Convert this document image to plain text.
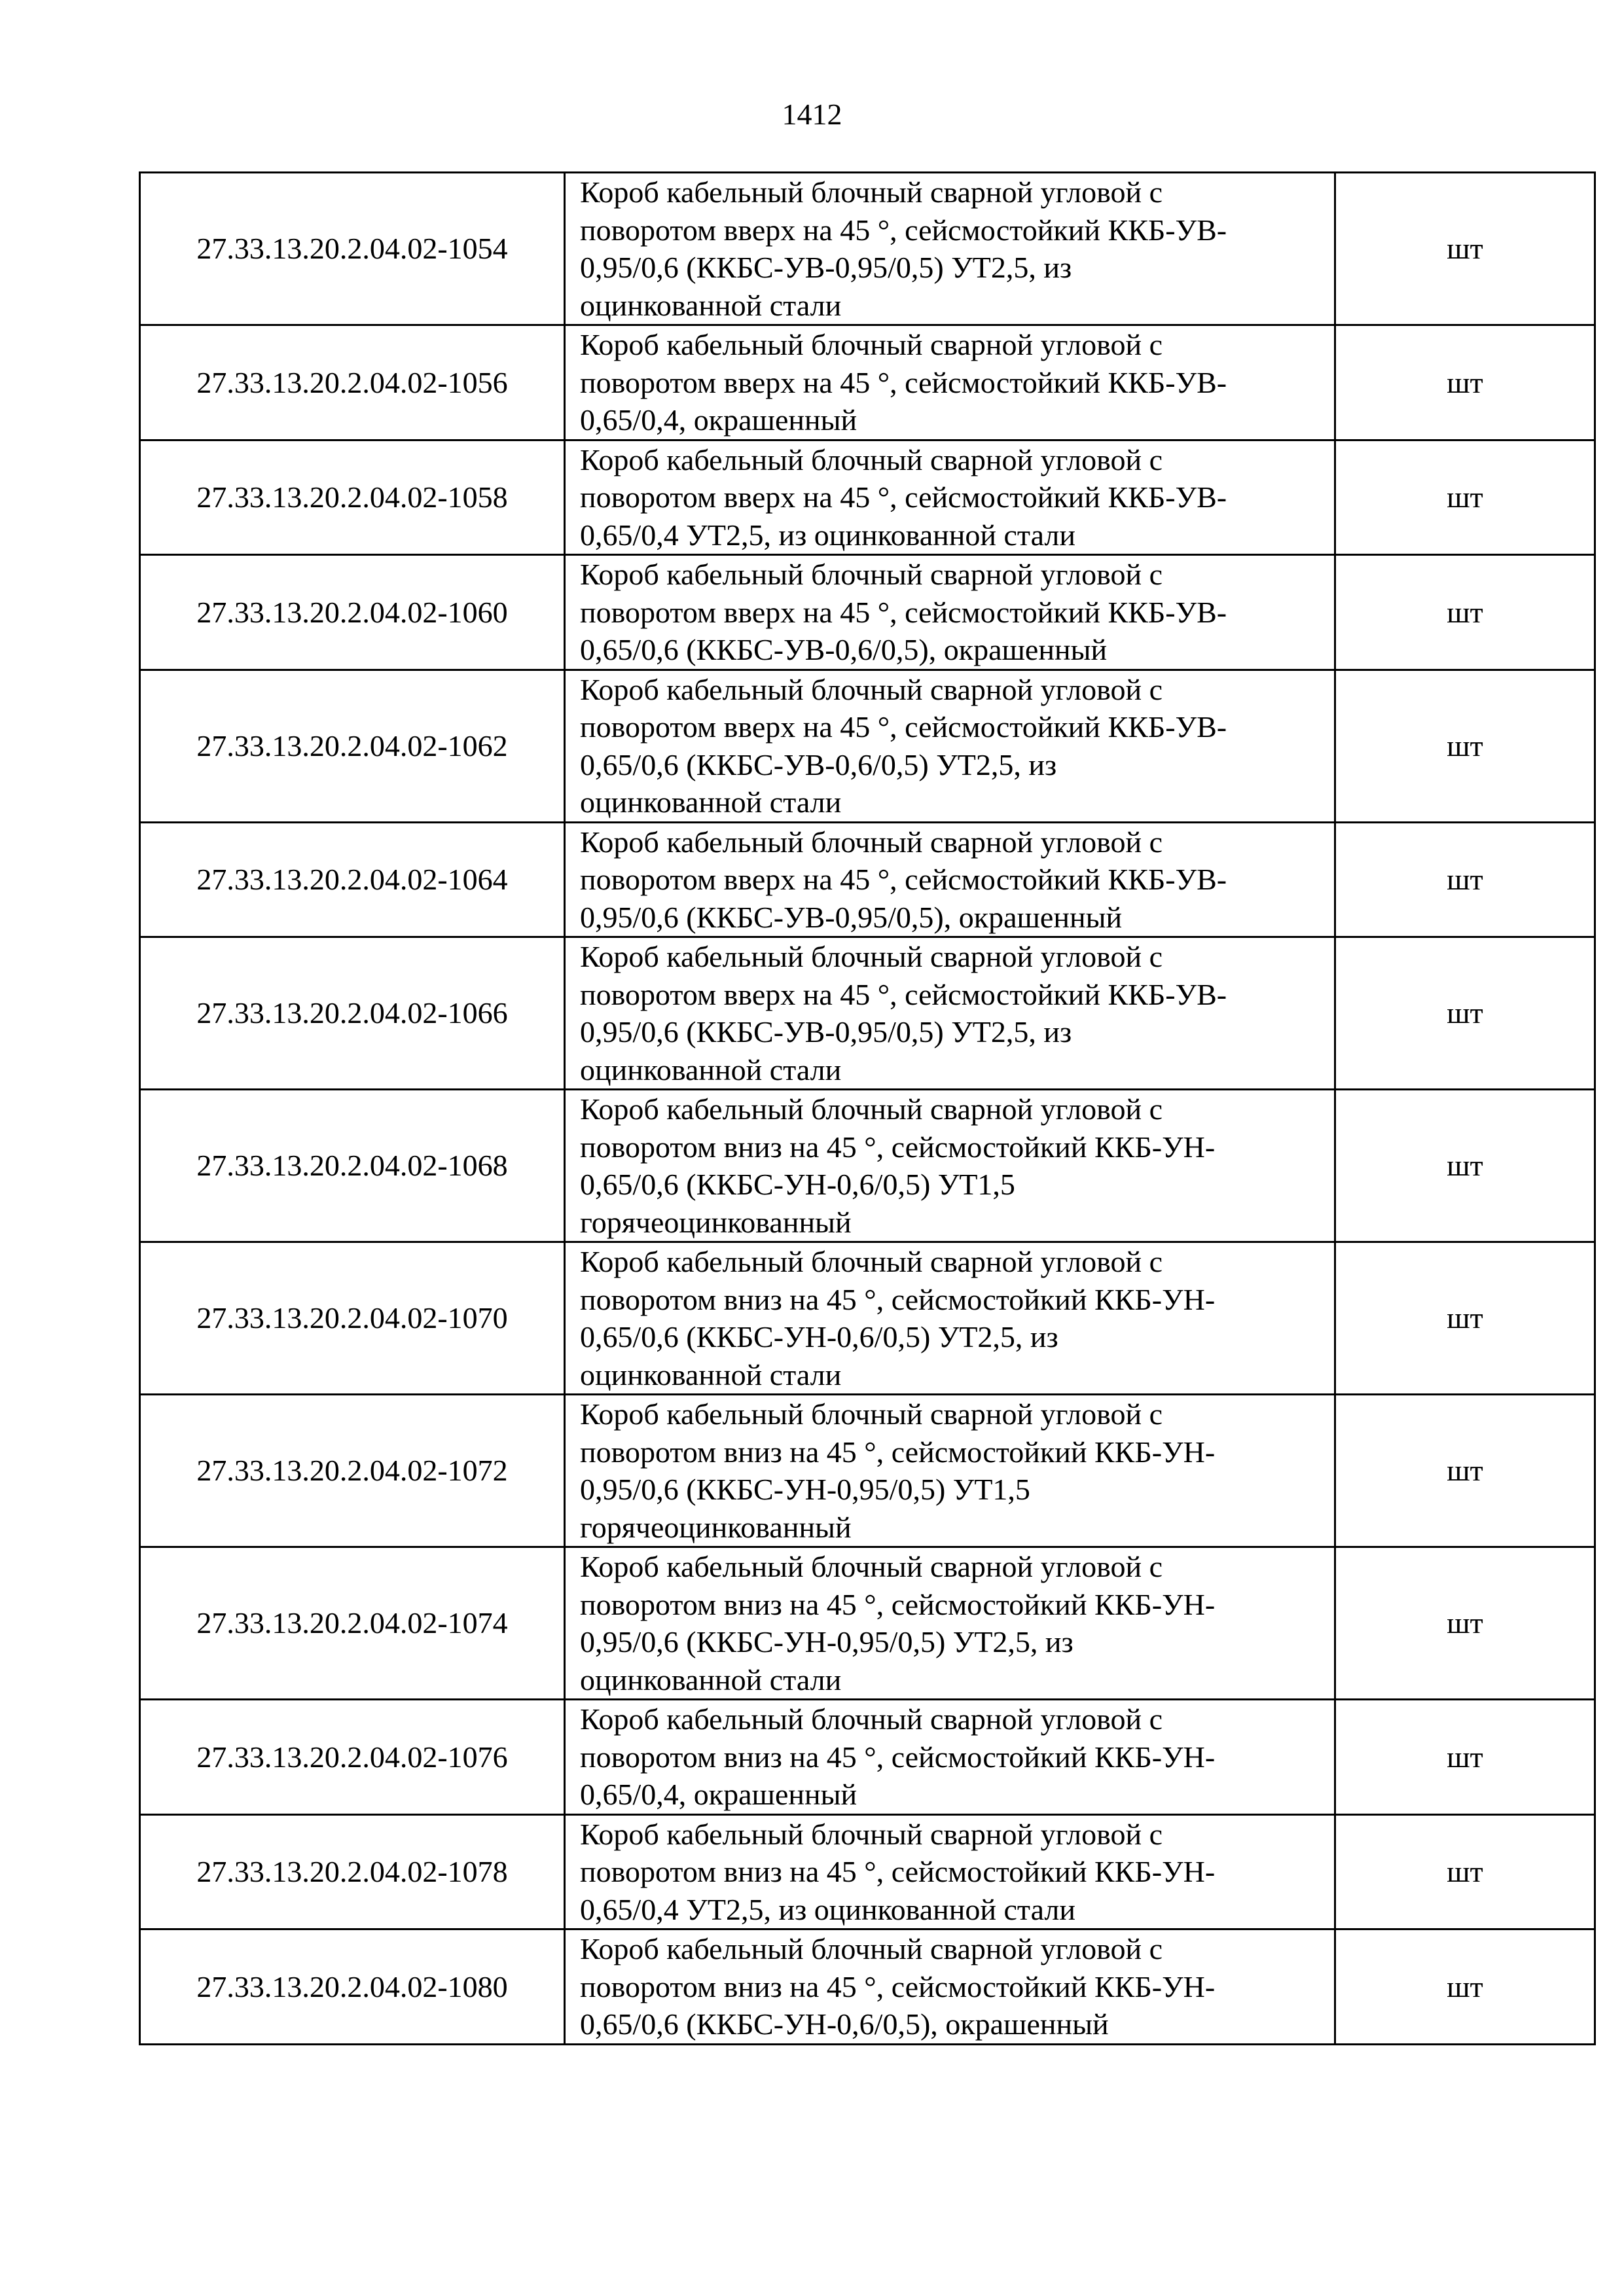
1412
27.33.13.20.2.04.02-1054	Короб кабельный блочный сварной угловой с
поворотом вверх на 45 °, сейсмостойкий ККБ-УВ-
0,95/0,6 (ККБС-УВ-0,95/0,5) УТ2,5, из
оцинкованной стали	шт
27.33.13.20.2.04.02-1056	Короб кабельный блочный сварной угловой с
поворотом вверх на 45 °, сейсмостойкий ККБ-УВ-
0,65/0,4, окрашенный	шт
27.33.13.20.2.04.02-1058	Короб кабельный блочный сварной угловой с
поворотом вверх на 45 °, сейсмостойкий ККБ-УВ-
0,65/0,4 УТ2,5, из оцинкованной стали	шт
27.33.13.20.2.04.02-1060	Короб кабельный блочный сварной угловой с
поворотом вверх на 45 °, сейсмостойкий ККБ-УВ-
0,65/0,6 (ККБС-УВ-0,6/0,5), окрашенный	шт
27.33.13.20.2.04.02-1062	Короб кабельный блочный сварной угловой с
поворотом вверх на 45 °, сейсмостойкий ККБ-УВ-
0,65/0,6 (ККБС-УВ-0,6/0,5) УТ2,5, из
оцинкованной стали	шт
27.33.13.20.2.04.02-1064	Короб кабельный блочный сварной угловой с
поворотом вверх на 45 °, сейсмостойкий ККБ-УВ-
0,95/0,6 (ККБС-УВ-0,95/0,5), окрашенный	шт
27.33.13.20.2.04.02-1066	Короб кабельный блочный сварной угловой с
поворотом вверх на 45 °, сейсмостойкий ККБ-УВ-
0,95/0,6 (ККБС-УВ-0,95/0,5) УТ2,5, из
оцинкованной стали	шт
27.33.13.20.2.04.02-1068	Короб кабельный блочный сварной угловой с
поворотом вниз на 45 °, сейсмостойкий ККБ-УН-
0,65/0,6 (ККБС-УН-0,6/0,5) УТ1,5
горячеоцинкованный	шт
27.33.13.20.2.04.02-1070	Короб кабельный блочный сварной угловой с
поворотом вниз на 45 °, сейсмостойкий ККБ-УН-
0,65/0,6 (ККБС-УН-0,6/0,5) УТ2,5, из
оцинкованной стали	шт
27.33.13.20.2.04.02-1072	Короб кабельный блочный сварной угловой с
поворотом вниз на 45 °, сейсмостойкий ККБ-УН-
0,95/0,6 (ККБС-УН-0,95/0,5) УТ1,5
горячеоцинкованный	шт
27.33.13.20.2.04.02-1074	Короб кабельный блочный сварной угловой с
поворотом вниз на 45 °, сейсмостойкий ККБ-УН-
0,95/0,6 (ККБС-УН-0,95/0,5) УТ2,5, из
оцинкованной стали	шт
27.33.13.20.2.04.02-1076	Короб кабельный блочный сварной угловой с
поворотом вниз на 45 °, сейсмостойкий ККБ-УН-
0,65/0,4, окрашенный	шт
27.33.13.20.2.04.02-1078	Короб кабельный блочный сварной угловой с
поворотом вниз на 45 °, сейсмостойкий ККБ-УН-
0,65/0,4 УТ2,5, из оцинкованной стали	шт
27.33.13.20.2.04.02-1080	Короб кабельный блочный сварной угловой с
поворотом вниз на 45 °, сейсмостойкий ККБ-УН-
0,65/0,6 (ККБС-УН-0,6/0,5), окрашенный	шт
